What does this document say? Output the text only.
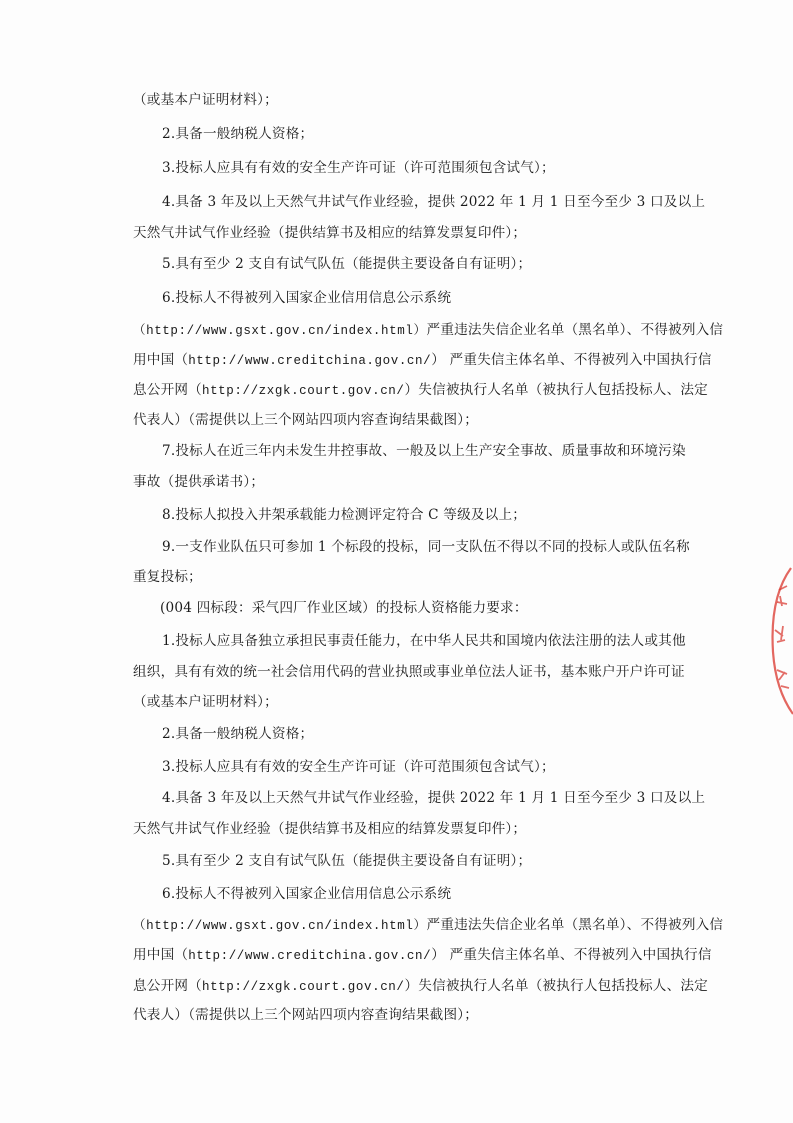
（或基本户证明材料）；
2.具备一般纳税人资格；
3.投标人应具有有效的安全生产许可证（许可范围须包含试气）；
4.具备 3 年及以上天然气井试气作业经验，提供 2022 年 1 月 1 日至今至少 3 口及以上
天然气井试气作业经验（提供结算书及相应的结算发票复印件）；
5.具有至少 2 支自有试气队伍（能提供主要设备自有证明）；
6.投标人不得被列入国家企业信用信息公示系统
（http://www.gsxt.gov.cn/index.html）严重违法失信企业名单（黑名单）、不得被列入信
用中国（http://www.creditchina.gov.cn/） 严重失信主体名单、不得被列入中国执行信
息公开网（http://zxgk.court.gov.cn/）失信被执行人名单（被执行人包括投标人、法定
代表人）（需提供以上三个网站四项内容查询结果截图）；
7.投标人在近三年内未发生井控事故、一般及以上生产安全事故、质量事故和环境污染
事故（提供承诺书）；
8.投标人拟投入井架承载能力检测评定符合 C 等级及以上；
9.一支作业队伍只可参加 1 个标段的投标，同一支队伍不得以不同的投标人或队伍名称
重复投标；
(004 四标段：采气四厂作业区域）的投标人资格能力要求：
1.投标人应具备独立承担民事责任能力，在中华人民共和国境内依法注册的法人或其他
组织，具有有效的统一社会信用代码的营业执照或事业单位法人证书，基本账户开户许可证
（或基本户证明材料）；
2.具备一般纳税人资格；
3.投标人应具有有效的安全生产许可证（许可范围须包含试气）；
4.具备 3 年及以上天然气井试气作业经验，提供 2022 年 1 月 1 日至今至少 3 口及以上
天然气井试气作业经验（提供结算书及相应的结算发票复印件）；
5.具有至少 2 支自有试气队伍（能提供主要设备自有证明）；
6.投标人不得被列入国家企业信用信息公示系统
（http://www.gsxt.gov.cn/index.html）严重违法失信企业名单（黑名单）、不得被列入信
用中国（http://www.creditchina.gov.cn/） 严重失信主体名单、不得被列入中国执行信
息公开网（http://zxgk.court.gov.cn/）失信被执行人名单（被执行人包括投标人、法定
代表人）（需提供以上三个网站四项内容查询结果截图）；
